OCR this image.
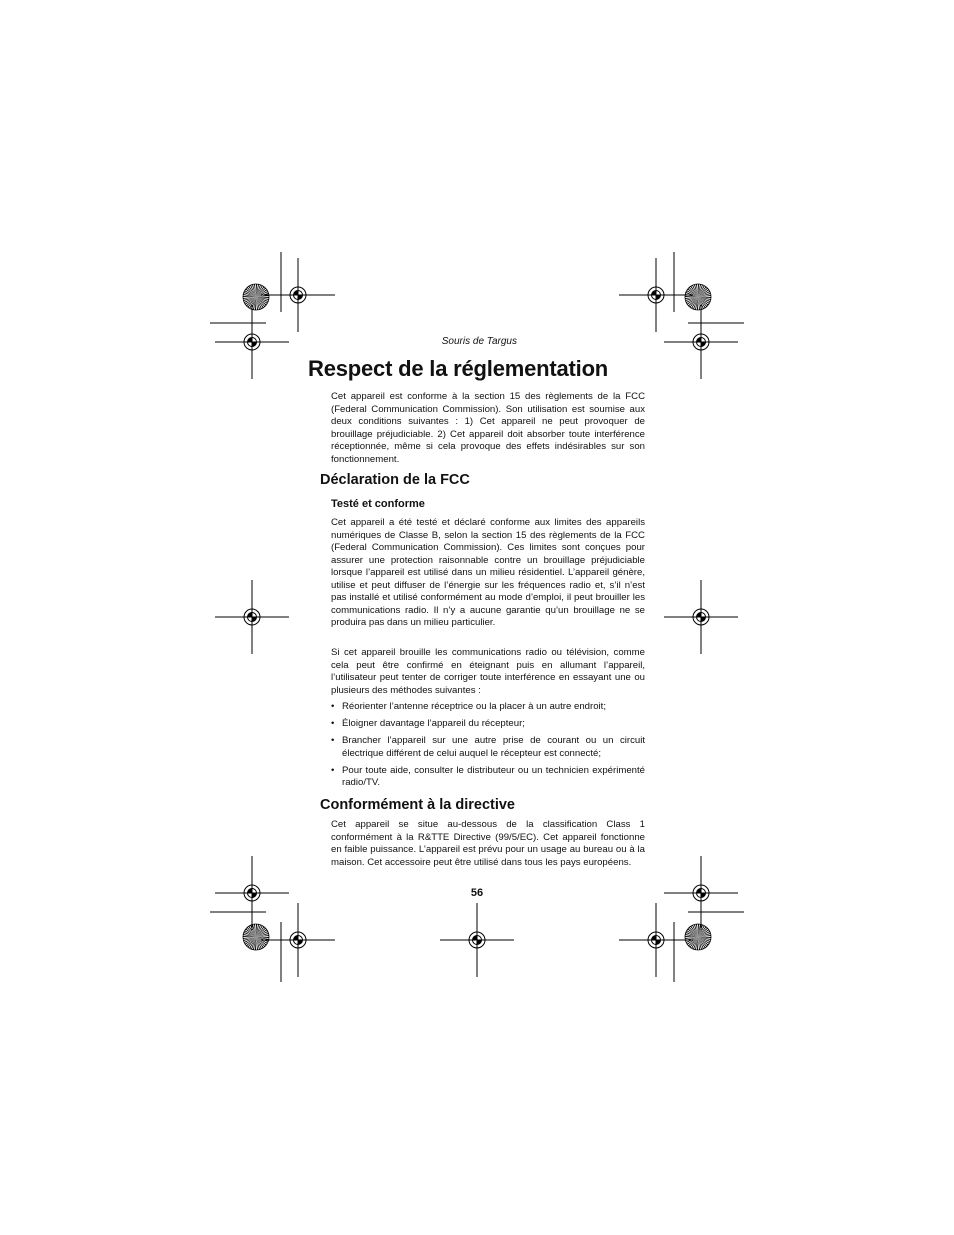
Souris de Targus
Respect de la réglementation

Cet appareil est conforme à la section 15 des règlements de la FCC (Federal Communication Commission). Son utilisation est soumise aux deux conditions suivantes : 1) Cet appareil ne peut provoquer de brouillage préjudiciable. 2) Cet appareil doit absorber toute interférence réceptionnée, même si cela provoque des effets indésirables sur son fonctionnement.

Déclaration de la FCC
Testé et conforme

Cet appareil a été testé et déclaré conforme aux limites des appareils numériques de Classe B, selon la section 15 des règlements de la FCC (Federal Communication Commission). Ces limites sont conçues pour assurer une protection raisonnable contre un brouillage préjudiciable lorsque l’appareil est utilisé dans un milieu résidentiel. L’appareil génère, utilise et peut diffuser de l’énergie sur les fréquences radio et, s’il n’est pas installé et utilisé conformément au mode d’emploi, il peut brouiller les communications radio. Il n’y a aucune garantie qu’un brouillage ne se produira pas dans un milieu particulier.

Si cet appareil brouille les communications radio ou télévision, comme cela peut être confirmé en éteignant puis en allumant l’appareil, l’utilisateur peut tenter de corriger toute interférence en essayant une ou plusieurs des méthodes suivantes :

• Réorienter l’antenne réceptrice ou la placer à un autre endroit;
• Éloigner davantage l’appareil du récepteur;
• Brancher l’appareil sur une autre prise de courant ou un circuit électrique différent de celui auquel le récepteur est connecté;
• Pour toute aide, consulter le distributeur ou un technicien expérimenté radio/TV.
Conformément à la directive

Cet appareil se situe au-dessous de la classification Class 1 conformément à la R&TTE Directive (99/5/EC). Cet appareil fonctionne en faible puissance. L’appareil est prévu pour un usage au bureau ou à la maison. Cet accessoire peut être utilisé dans tous les pays européens.

56
